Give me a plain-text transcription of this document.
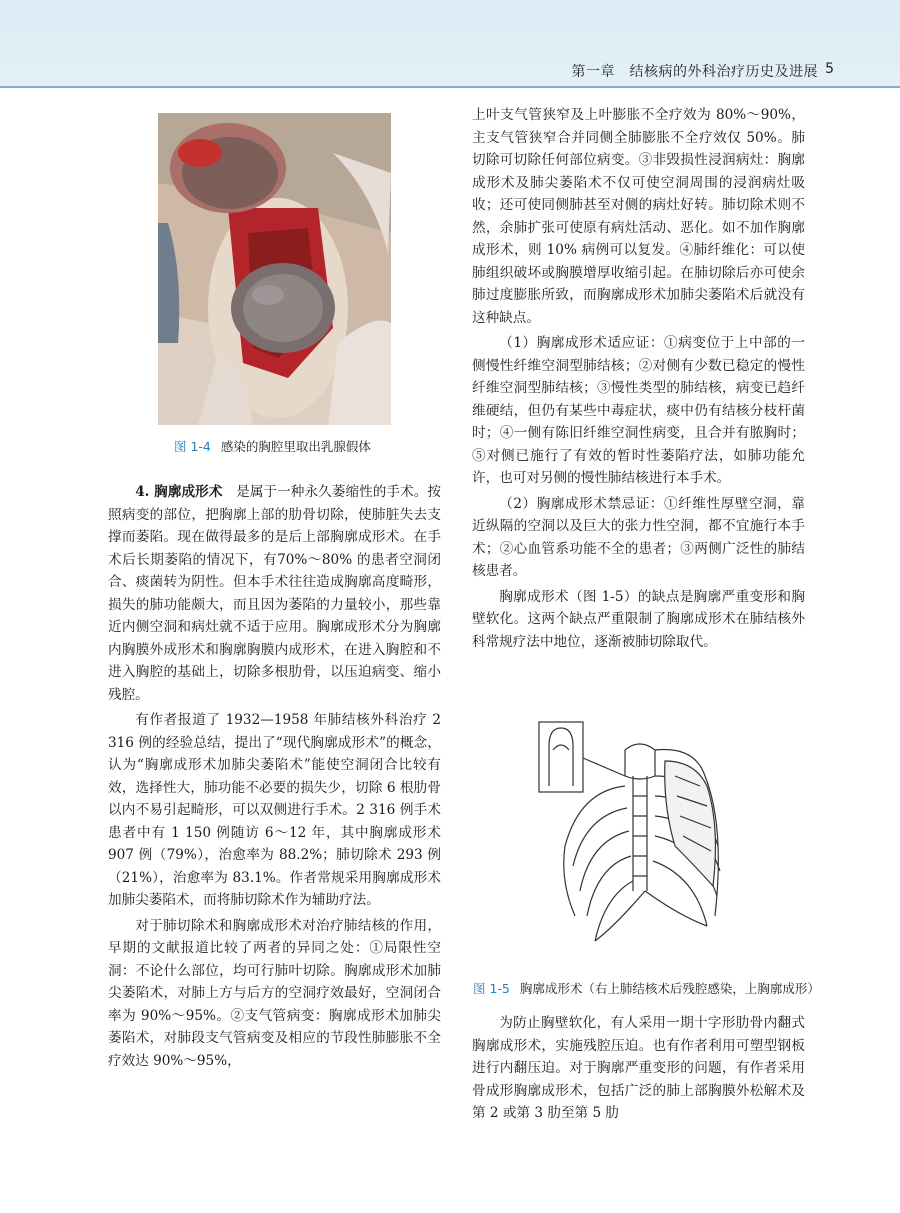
第一章　结核病的外科治疗历史及进展 5
图 1-4 感染的胸腔里取出乳腺假体

4. 胸廓成形术　 是属于一种永久萎缩性的手术。按照病变的部位，把胸廓上部的肋骨切除，使肺脏失去支撑而萎陷。现在做得最多的是后上部胸廓成形术。在手术后长期萎陷的情况下，有70%～80% 的患者空洞闭合、痰菌转为阴性。但本手术往往造成胸廓高度畸形，损失的肺功能颇大，而且因为萎陷的力量较小，那些靠近内侧空洞和病灶就不适于应用。胸廓成形术分为胸廓内胸膜外成形术和胸廓胸膜内成形术，在进入胸腔和不进入胸腔的基础上，切除多根肋骨，以压迫病变、缩小残腔。

有作者报道了 1932—1958 年肺结核外科治疗 2 316 例的经验总结，提出了“现代胸廓成形术”的概念，认为“胸廓成形术加肺尖萎陷术”能使空洞闭合比较有效，选择性大，肺功能不必要的损失少，切除 6 根肋骨以内不易引起畸形，可以双侧进行手术。2 316 例手术患者中有 1 150 例随访 6～12 年，其中胸廓成形术 907 例（79%），治愈率为 88.2%；肺切除术 293 例（21%），治愈率为 83.1%。作者常规采用胸廓成形术加肺尖萎陷术，而将肺切除术作为辅助疗法。

对于肺切除术和胸廓成形术对治疗肺结核的作用，早期的文献报道比较了两者的异同之处：①局限性空洞：不论什么部位，均可行肺叶切除。胸廓成形术加肺尖萎陷术，对肺上方与后方的空洞疗效最好，空洞闭合率为 90%～95%。②支气管病变：胸廓成形术加肺尖萎陷术，对肺段支气管病变及相应的节段性肺膨胀不全疗效达 90%～95%，

上叶支气管狭窄及上叶膨胀不全疗效为 80%～90%，主支气管狭窄合并同侧全肺膨胀不全疗效仅 50%。肺切除可切除任何部位病变。③非毁损性浸润病灶：胸廓成形术及肺尖萎陷术不仅可使空洞周围的浸润病灶吸收；还可使同侧肺甚至对侧的病灶好转。肺切除术则不然，余肺扩张可使原有病灶活动、恶化。如不加作胸廓成形术，则 10% 病例可以复发。④肺纤维化：可以使肺组织破坏或胸膜增厚收缩引起。在肺切除后亦可使余肺过度膨胀所致，而胸廓成形术加肺尖萎陷术后就没有这种缺点。

（1）胸廓成形术适应证：①病变位于上中部的一侧慢性纤维空洞型肺结核；②对侧有少数已稳定的慢性纤维空洞型肺结核；③慢性类型的肺结核，病变已趋纤维硬结，但仍有某些中毒症状，痰中仍有结核分枝杆菌时；④一侧有陈旧纤维空洞性病变，且合并有脓胸时；⑤对侧已施行了有效的暂时性萎陷疗法，如肺功能允许，也可对另侧的慢性肺结核进行本手术。

（2）胸廓成形术禁忌证：①纤维性厚壁空洞，靠近纵隔的空洞以及巨大的张力性空洞，都不宜施行本手术；②心血管系功能不全的患者；③两侧广泛性的肺结核患者。

胸廓成形术（图 1-5）的缺点是胸廓严重变形和胸壁软化。这两个缺点严重限制了胸廓成形术在肺结核外科常规疗法中地位，逐渐被肺切除取代。

图 1-5 胸廓成形术（右上肺结核术后残腔感染，上胸廓成形）

为防止胸壁软化，有人采用一期十字形肋骨内翻式胸廓成形术，实施残腔压迫。也有作者利用可塑型钢板进行内翻压迫。对于胸廓严重变形的问题，有作者采用骨成形胸廓成形术，包括广泛的肺上部胸膜外松解术及第 2 或第 3 肋至第 5 肋
